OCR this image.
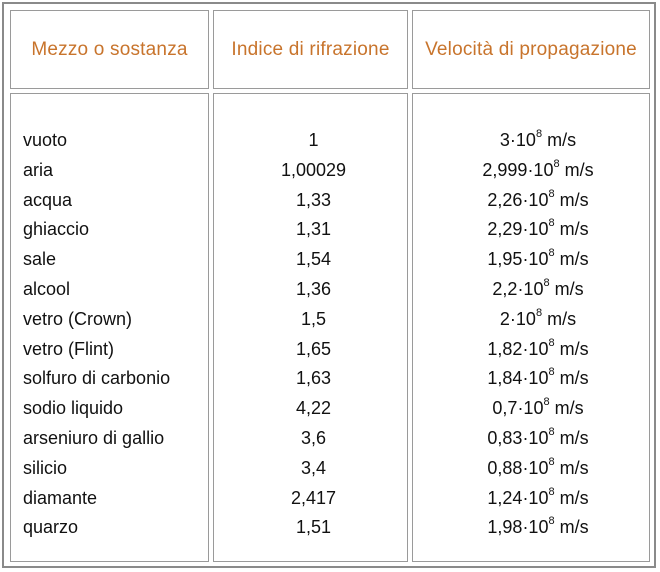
Mezzo o sostanza	Indice di rifrazione	Velocità di propagazione
vuoto
aria
acqua
ghiaccio
sale
alcool
vetro (Crown)
vetro (Flint)
solfuro di carbonio
sodio liquido
arseniuro di gallio
silicio
diamante
quarzo
1
1,00029
1,33
1,31
1,54
1,36
1,5
1,65
1,63
4,22
3,6
3,4
2,417
1,51
$3\cdot 10^8$ m/s
$2,999\cdot 10^8$ m/s
$2,26\cdot 10^8$ m/s
$2,29\cdot 10^8$ m/s
$1,95\cdot 10^8$ m/s
$2,2\cdot 10^8$ m/s
$2\cdot 10^8$ m/s
$1,82\cdot 10^8$ m/s
$1,84\cdot 10^8$ m/s
$0,7\cdot 10^8$ m/s
$0,83\cdot 10^8$ m/s
$0,88\cdot 10^8$ m/s
$1,24\cdot 10^8$ m/s
$1,98\cdot 10^8$ m/s
